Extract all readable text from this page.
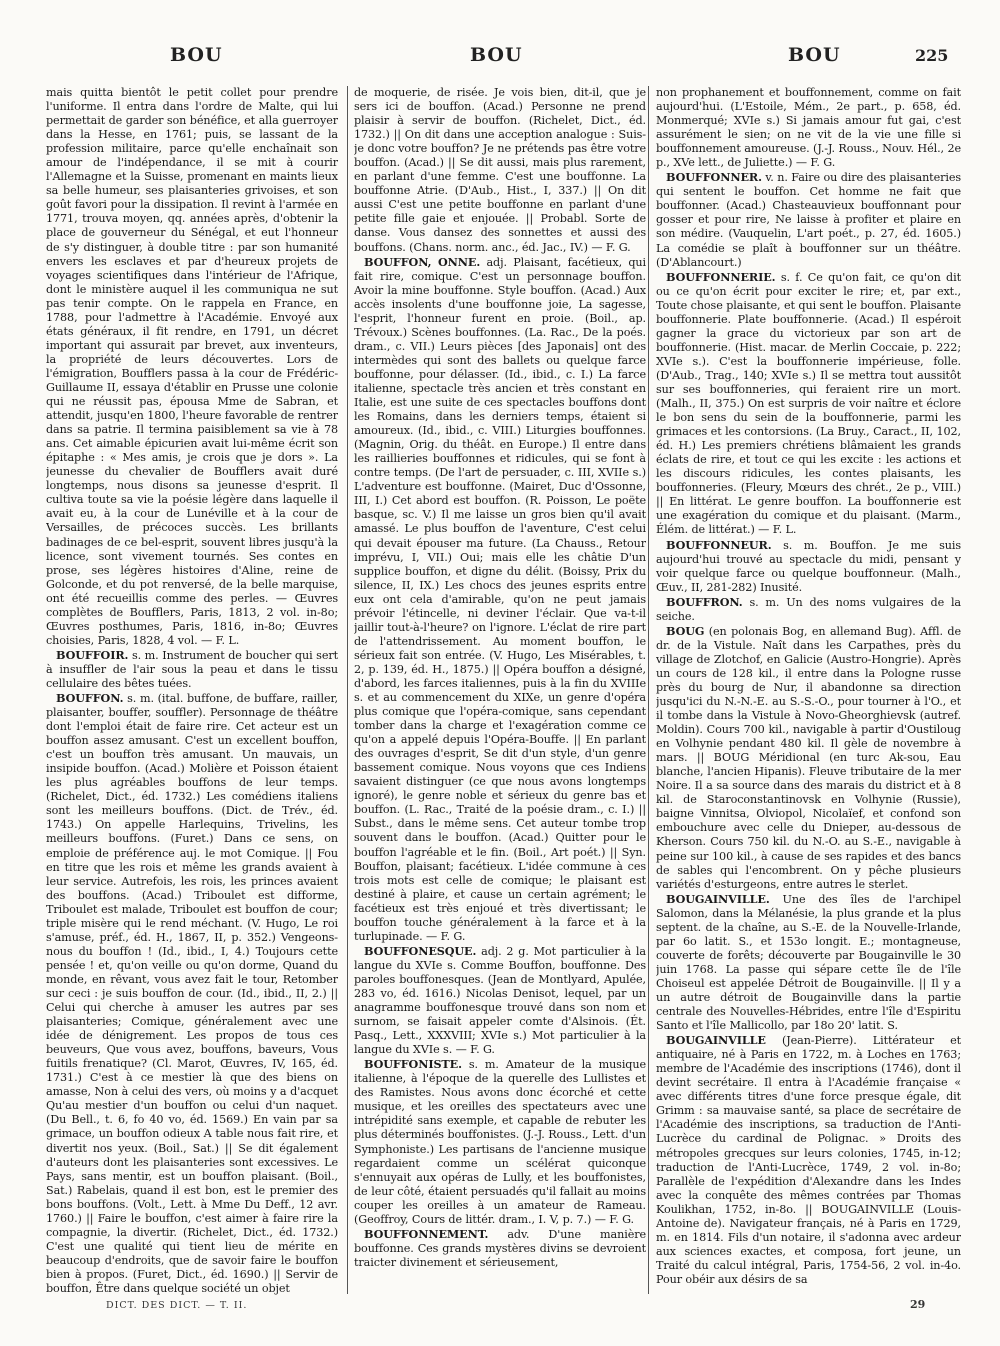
BOU	BOU	BOU	225

mais quitta bientôt le petit collet pour prendre l'uniforme. Il entra dans l'ordre de Malte, qui lui permettait de garder son bénéfice, et alla guerroyer dans la Hesse, en 1761; puis, se lassant de la profession militaire, parce qu'elle enchaînait son amour de l'indépendance, il se mit à courir l'Allemagne et la Suisse, promenant en maints lieux sa belle humeur, ses plaisanteries grivoises, et son goût favori pour la dissipation. Il revint à l'armée en 1771, trouva moyen, qq. années après, d'obtenir la place de gouverneur du Sénégal, et eut l'honneur de s'y distinguer, à double titre : par son humanité envers les esclaves et par d'heureux projets de voyages scientifiques dans l'intérieur de l'Afrique, dont le ministère auquel il les communiqua ne sut pas tenir compte. On le rappela en France, en 1788, pour l'admettre à l'Académie. Envoyé aux états généraux, il fit rendre, en 1791, un décret important qui assurait par brevet, aux inventeurs, la propriété de leurs découvertes. Lors de l'émigration, Boufflers passa à la cour de Frédéric-Guillaume II, essaya d'établir en Prusse une colonie qui ne réussit pas, épousa Mme de Sabran, et attendit, jusqu'en 1800, l'heure favorable de rentrer dans sa patrie. Il termina paisiblement sa vie à 78 ans. Cet aimable épicurien avait lui-même écrit son épitaphe : « Mes amis, je crois que je dors ». La jeunesse du chevalier de Boufflers avait duré longtemps, nous disons sa jeunesse d'esprit. Il cultiva toute sa vie la poésie légère dans laquelle il avait eu, à la cour de Lunéville et à la cour de Versailles, de précoces succès. Les brillants badinages de ce bel-esprit, souvent libres jusqu'à la licence, sont vivement tournés. Ses contes en prose, ses légères histoires d'Aline, reine de Golconde, et du pot renversé, de la belle marquise, ont été recueillis comme des perles. — Œuvres complètes de Boufflers, Paris, 1813, 2 vol. in-8o; Œuvres posthumes, Paris, 1816, in-8o; Œuvres choisies, Paris, 1828, 4 vol. — F. L.

BOUFFOIR. s. m. Instrument de boucher qui sert à insuffler de l'air sous la peau et dans le tissu cellulaire des bêtes tuées.

BOUFFON. s. m. (ital. buffone, de buffare, railler, plaisanter, bouffer, souffler). Personnage de théâtre dont l'emploi était de faire rire. Cet acteur est un bouffon assez amusant. C'est un excellent bouffon, c'est un bouffon très amusant. Un mauvais, un insipide bouffon. (Acad.) Molière et Poisson étaient les plus agréables bouffons de leur temps. (Richelet, Dict., éd. 1732.) Les comédiens italiens sont les meilleurs bouffons. (Dict. de Trév., éd. 1743.) On appelle Harlequins, Trivelins, les meilleurs bouffons. (Furet.) Dans ce sens, on emploie de préférence auj. le mot Comique. || Fou en titre que les rois et même les grands avaient à leur service. Autrefois, les rois, les princes avaient des bouffons. (Acad.) Triboulet est difforme, Triboulet est malade, Triboulet est bouffon de cour; triple misère qui le rend méchant. (V. Hugo, Le roi s'amuse, préf., éd. H., 1867, II, p. 352.) Vengeons-nous du bouffon ! (Id., ibid., I, 4.) Toujours cette pensée ! et, qu'on veille ou qu'on dorme, Quand du monde, en rêvant, vous avez fait le tour, Retomber sur ceci : je suis bouffon de cour. (Id., ibid., II, 2.) || Celui qui cherche à amuser les autres par ses plaisanteries; Comique, généralement avec une idée de dénigrement. Les propos de tous ces beuveurs, Que vous avez, bouffons, baveurs, Vous fuitils frenatique? (Cl. Marot, Œuvres, IV, 165, éd. 1731.) C'est à ce mestier là que des biens on amasse, Non à celui des vers, où moins y a d'acquet Qu'au mestier d'un bouffon ou celui d'un naquet. (Du Bell., t. 6, fo 40 vo, éd. 1569.) En vain par sa grimace, un bouffon odieux A table nous fait rire, et divertit nos yeux. (Boil., Sat.) || Se dit également d'auteurs dont les plaisanteries sont excessives. Le Pays, sans mentir, est un bouffon plaisant. (Boil., Sat.) Rabelais, quand il est bon, est le premier des bons bouffons. (Volt., Lett. à Mme Du Deff., 12 avr. 1760.) || Faire le bouffon, c'est aimer à faire rire la compagnie, la divertir. (Richelet, Dict., éd. 1732.) C'est une qualité qui tient lieu de mérite en beaucoup d'endroits, que de savoir faire le bouffon bien à propos. (Furet, Dict., éd. 1690.) || Servir de bouffon, Être dans quelque société un objet

de moquerie, de risée. Je vois bien, dit-il, que je sers ici de bouffon. (Acad.) Personne ne prend plaisir à servir de bouffon. (Richelet, Dict., éd. 1732.) || On dit dans une acception analogue : Suis-je donc votre bouffon? Je ne prétends pas être votre bouffon. (Acad.) || Se dit aussi, mais plus rarement, en parlant d'une femme. C'est une bouffonne. La bouffonne Atrie. (D'Aub., Hist., I, 337.) || On dit aussi C'est une petite bouffonne en parlant d'une petite fille gaie et enjouée. || Probabl. Sorte de danse. Vous dansez des sonnettes et aussi des bouffons. (Chans. norm. anc., éd. Jac., IV.) — F. G.

BOUFFON, ONNE. adj. Plaisant, facétieux, qui fait rire, comique. C'est un personnage bouffon. Avoir la mine bouffonne. Style bouffon. (Acad.) Aux accès insolents d'une bouffonne joie, La sagesse, l'esprit, l'honneur furent en proie. (Boil., ap. Trévoux.) Scènes bouffonnes. (La. Rac., De la poés. dram., c. VII.) Leurs pièces [des Japonais] ont des intermèdes qui sont des ballets ou quelque farce bouffonne, pour délasser. (Id., ibid., c. I.) La farce italienne, spectacle très ancien et très constant en Italie, est une suite de ces spectacles bouffons dont les Romains, dans les derniers temps, étaient si amoureux. (Id., ibid., c. VIII.) Liturgies bouffonnes. (Magnin, Orig. du théât. en Europe.) Il entre dans les raillieries bouffonnes et ridicules, qui se font à contre temps. (De l'art de persuader, c. III, XVIIe s.) L'adventure est bouffonne. (Mairet, Duc d'Ossonne, III, I.) Cet abord est bouffon. (R. Poisson, Le poëte basque, sc. V.) Il me laisse un gros bien qu'il avait amassé. Le plus bouffon de l'aventure, C'est celui qui devait épouser ma future. (La Chauss., Retour imprévu, I, VII.) Oui; mais elle les châtie D'un supplice bouffon, et digne du délit. (Boissy, Prix du silence, II, IX.) Les chocs des jeunes esprits entre eux ont cela d'amirable, qu'on ne peut jamais prévoir l'étincelle, ni deviner l'éclair. Que va-t-il jaillir tout-à-l'heure? on l'ignore. L'éclat de rire part de l'attendrissement. Au moment bouffon, le sérieux fait son entrée. (V. Hugo, Les Misérables, t. 2, p. 139, éd. H., 1875.) || Opéra bouffon a désigné, d'abord, les farces italiennes, puis à la fin du XVIIIe s. et au commencement du XIXe, un genre d'opéra plus comique que l'opéra-comique, sans cependant tomber dans la charge et l'exagération comme ce qu'on a appelé depuis l'Opéra-Bouffe. || En parlant des ouvrages d'esprit, Se dit d'un style, d'un genre bassement comique. Nous voyons que ces Indiens savaient distinguer (ce que nous avons longtemps ignoré), le genre noble et sérieux du genre bas et bouffon. (L. Rac., Traité de la poésie dram., c. I.) || Subst., dans le même sens. Cet auteur tombe trop souvent dans le bouffon. (Acad.) Quitter pour le bouffon l'agréable et le fin. (Boil., Art poét.) || Syn. Bouffon, plaisant; facétieux. L'idée commune à ces trois mots est celle de comique; le plaisant est destiné à plaire, et cause un certain agrément; le facétieux est très enjoué et très divertissant; le bouffon touche généralement à la farce et à la turlupinade. — F. G.

BOUFFONESQUE. adj. 2 g. Mot particulier à la langue du XVIe s. Comme Bouffon, bouffonne. Des paroles bouffonesques. (Jean de Montlyard, Apulée, 283 vo, éd. 1616.) Nicolas Denisot, lequel, par un anagramme bouffonesque trouvé dans son nom et surnom, se faisait appeler comte d'Alsinois. (Ét. Pasq., Lett., XXXVIII; XVIe s.) Mot particulier à la langue du XVIe s. — F. G.

BOUFFONISTE. s. m. Amateur de la musique italienne, à l'époque de la querelle des Lullistes et des Ramistes. Nous avons donc écorché et cette musique, et les oreilles des spectateurs avec une intrépidité sans exemple, et capable de rebuter les plus déterminés bouffonistes. (J.-J. Rouss., Lett. d'un Symphoniste.) Les partisans de l'ancienne musique regardaient comme un scélérat quiconque s'ennuyait aux opéras de Lully, et les bouffonistes, de leur côté, étaient persuadés qu'il fallait au moins couper les oreilles à un amateur de Rameau. (Geoffroy, Cours de littér. dram., I. V, p. 7.) — F. G.

BOUFFONNEMENT. adv. D'une manière bouffonne. Ces grands mystères divins se devroient traicter divinement et sérieusement,

non prophanement et bouffonnement, comme on fait aujourd'hui. (L'Estoile, Mém., 2e part., p. 658, éd. Monmerqué; XVIe s.) Si jamais amour fut gai, c'est assurément le sien; on ne vit de la vie une fille si bouffonnement amoureuse. (J.-J. Rouss., Nouv. Hél., 2e p., XVe lett., de Juliette.) — F. G.

BOUFFONNER. v. n. Faire ou dire des plaisanteries qui sentent le bouffon. Cet homme ne fait que bouffonner. (Acad.) Chasteauvieux bouffonnant pour gosser et pour rire, Ne laisse à profiter et plaire en son médire. (Vauquelin, L'art poét., p. 27, éd. 1605.) La comédie se plaît à bouffonner sur un théâtre. (D'Ablancourt.)

BOUFFONNERIE. s. f. Ce qu'on fait, ce qu'on dit ou ce qu'on écrit pour exciter le rire; et, par ext., Toute chose plaisante, et qui sent le bouffon. Plaisante bouffonnerie. Plate bouffonnerie. (Acad.) Il espéroit gagner la grace du victorieux par son art de bouffonnerie. (Hist. macar. de Merlin Coccaie, p. 222; XVIe s.). C'est la bouffonnerie impérieuse, folle. (D'Aub., Trag., 140; XVIe s.) Il se mettra tout aussitôt sur ses bouffonneries, qui feraient rire un mort. (Malh., II, 375.) On est surpris de voir naître et éclore le bon sens du sein de la bouffonnerie, parmi les grimaces et les contorsions. (La Bruy., Caract., II, 102, éd. H.) Les premiers chrétiens blâmaient les grands éclats de rire, et tout ce qui les excite : les actions et les discours ridicules, les contes plaisants, les bouffonneries. (Fleury, Mœurs des chrét., 2e p., VIII.) || En littérat. Le genre bouffon. La bouffonnerie est une exagération du comique et du plaisant. (Marm., Élém. de littérat.) — F. L.

BOUFFONNEUR. s. m. Bouffon. Je me suis aujourd'hui trouvé au spectacle du midi, pensant y voir quelque farce ou quelque bouffonneur. (Malh., Œuv., II, 281-282) Inusité.

BOUFFRON. s. m. Un des noms vulgaires de la seiche.

BOUG (en polonais Bog, en allemand Bug). Affl. de dr. de la Vistule. Naît dans les Carpathes, près du village de Zlotchof, en Galicie (Austro-Hongrie). Après un cours de 128 kil., il entre dans la Pologne russe près du bourg de Nur, il abandonne sa direction jusqu'ici du N.-N.-E. au S.-S.-O., pour tourner à l'O., et il tombe dans la Vistule à Novo-Gheorghievsk (autref. Moldin). Cours 700 kil., navigable à partir d'Oustiloug en Volhynie pendant 480 kil. Il gèle de novembre à mars. || BOUG Méridional (en turc Ak-sou, Eau blanche, l'ancien Hipanis). Fleuve tributaire de la mer Noire. Il a sa source dans des marais du district et à 8 kil. de Staroconstantinovsk en Volhynie (Russie), baigne Vinnitsa, Olviopol, Nicolaïef, et confond son embouchure avec celle du Dnieper, au-dessous de Kherson. Cours 750 kil. du N.-O. au S.-E., navigable à peine sur 100 kil., à cause de ses rapides et des bancs de sables qui l'encombrent. On y pêche plusieurs variétés d'esturgeons, entre autres le sterlet.

BOUGAINVILLE. Une des îles de l'archipel Salomon, dans la Mélanésie, la plus grande et la plus septent. de la chaîne, au S.-E. de la Nouvelle-Irlande, par 6o latit. S., et 153o longit. E.; montagneuse, couverte de forêts; découverte par Bougainville le 30 juin 1768. La passe qui sépare cette île de l'île Choiseul est appelée Détroit de Bougainville. || Il y a un autre détroit de Bougainville dans la partie centrale des Nouvelles-Hébrides, entre l'île d'Espiritu Santo et l'île Mallicollo, par 18o 20' latit. S.

BOUGAINVILLE (Jean-Pierre). Littérateur et antiquaire, né à Paris en 1722, m. à Loches en 1763; membre de l'Académie des inscriptions (1746), dont il devint secrétaire. Il entra à l'Académie française « avec différents titres d'une force presque égale, dit Grimm : sa mauvaise santé, sa place de secrétaire de l'Académie des inscriptions, sa traduction de l'Anti-Lucrèce du cardinal de Polignac. » Droits des métropoles grecques sur leurs colonies, 1745, in-12; traduction de l'Anti-Lucrèce, 1749, 2 vol. in-8o; Parallèle de l'expédition d'Alexandre dans les Indes avec la conquête des mêmes contrées par Thomas Koulikhan, 1752, in-8o. || BOUGAINVILLE (Louis-Antoine de). Navigateur français, né à Paris en 1729, m. en 1814. Fils d'un notaire, il s'adonna avec ardeur aux sciences exactes, et composa, fort jeune, un Traité du calcul intégral, Paris, 1754-56, 2 vol. in-4o. Pour obéir aux désirs de sa

DICT. DES DICT. — T. II.	29
